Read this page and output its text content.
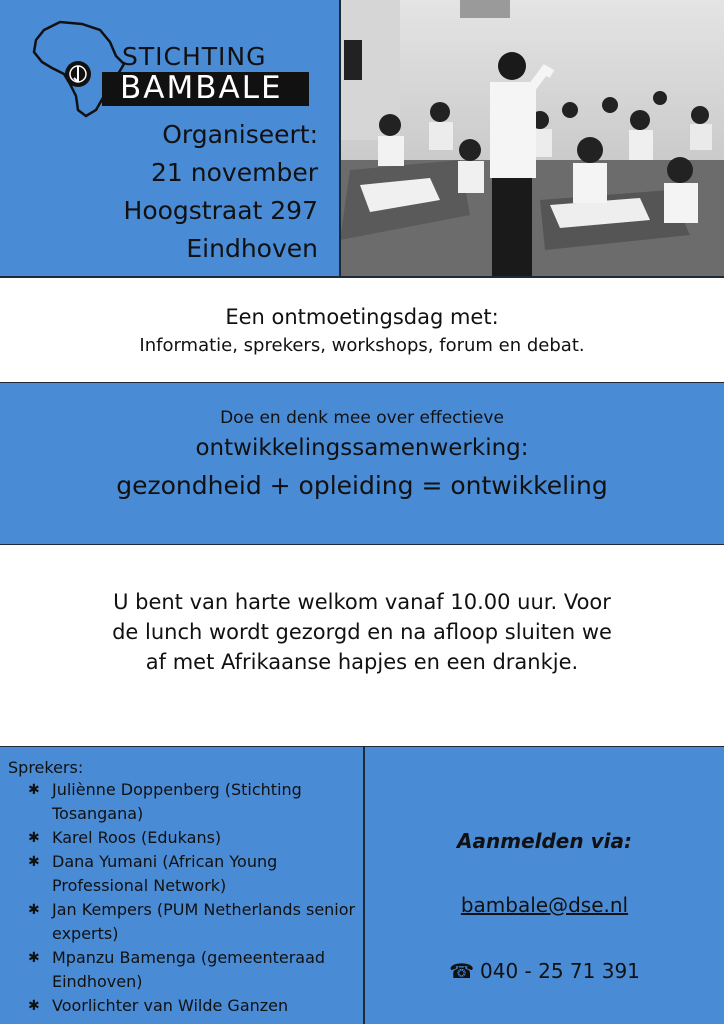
STICHTING
BAMBALE
Organiseert:
21 november
Hoogstraat 297
Eindhoven
Een ontmoetingsdag met:
Informatie, sprekers, workshops, forum en debat.
Doe en denk mee over effectieve
ontwikkelingssamenwerking:
gezondheid + opleiding = ontwikkeling
U bent van harte welkom vanaf 10.00 uur. Voor de lunch wordt gezorgd en na afloop sluiten we af met Afrikaanse hapjes en een drankje.
Sprekers:
✱ Juliènne Doppenberg (Stichting Tosangana)
✱ Karel Roos (Edukans)
✱ Dana Yumani (African Young Professional Network)
✱ Jan Kempers (PUM Netherlands senior experts)
✱ Mpanzu Bamenga (gemeenteraad Eindhoven)
✱ Voorlichter van Wilde Ganzen
Aanmelden via:
bambale@dse.nl
☎ 040 - 25 71 391
